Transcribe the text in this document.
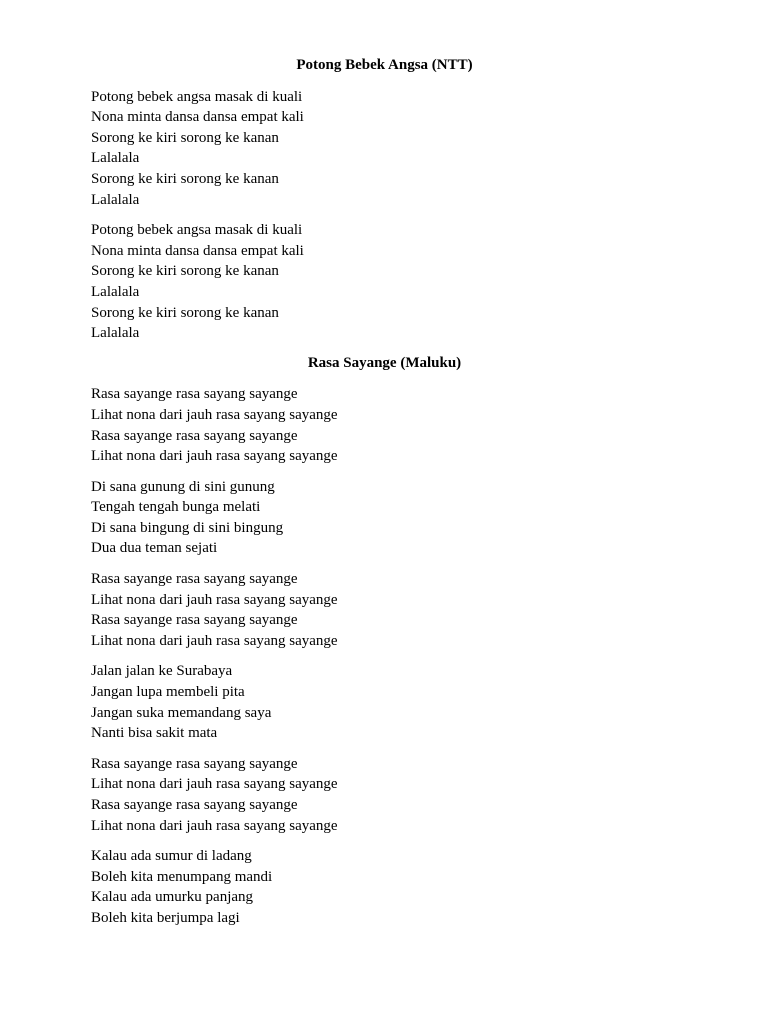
Potong Bebek Angsa (NTT)
Potong bebek angsa masak di kuali
Nona minta dansa dansa empat kali
Sorong ke kiri sorong ke kanan
Lalalala
Sorong ke kiri sorong ke kanan
Lalalala
Potong bebek angsa masak di kuali
Nona minta dansa dansa empat kali
Sorong ke kiri sorong ke kanan
Lalalala
Sorong ke kiri sorong ke kanan
Lalalala
Rasa Sayange (Maluku)
Rasa sayange rasa sayang sayange
Lihat nona dari jauh rasa sayang sayange
Rasa sayange rasa sayang sayange
Lihat nona dari jauh rasa sayang sayange
Di sana gunung di sini gunung
Tengah tengah bunga melati
Di sana bingung di sini bingung
Dua dua teman sejati
Rasa sayange rasa sayang sayange
Lihat nona dari jauh rasa sayang sayange
Rasa sayange rasa sayang sayange
Lihat nona dari jauh rasa sayang sayange
Jalan jalan ke Surabaya
Jangan lupa membeli pita
Jangan suka memandang saya
Nanti bisa sakit mata
Rasa sayange rasa sayang sayange
Lihat nona dari jauh rasa sayang sayange
Rasa sayange rasa sayang sayange
Lihat nona dari jauh rasa sayang sayange
Kalau ada sumur di ladang
Boleh kita menumpang mandi
Kalau ada umurku panjang
Boleh kita berjumpa lagi
